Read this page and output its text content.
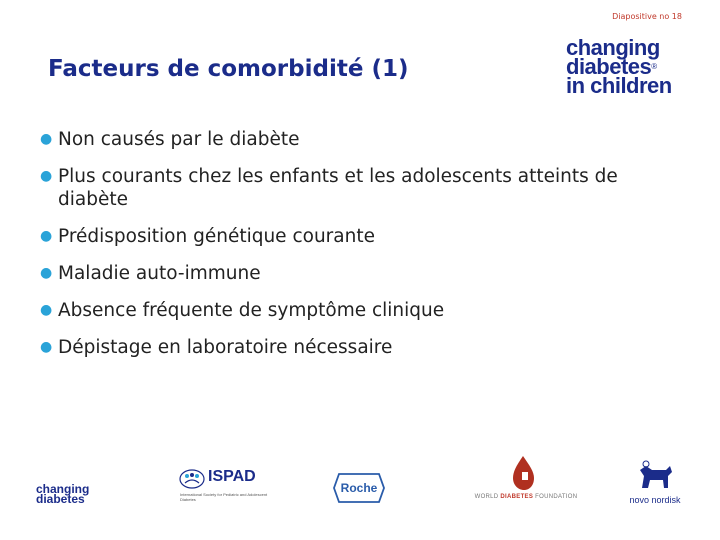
Diapositive no 18
Facteurs de comorbidité (1)
changing
diabetes®
in children
● Non causés par le diabète
● Plus courants chez les enfants et les adolescents atteints de diabète
● Prédisposition génétique courante
● Maladie auto-immune
● Absence fréquente de symptôme clinique
● Dépistage en laboratoire nécessaire
changing
diabetes
ISPAD
International Society for Pediatric and Adolescent Diabetes
Roche
WORLD DIABETES FOUNDATION	novo nordisk
